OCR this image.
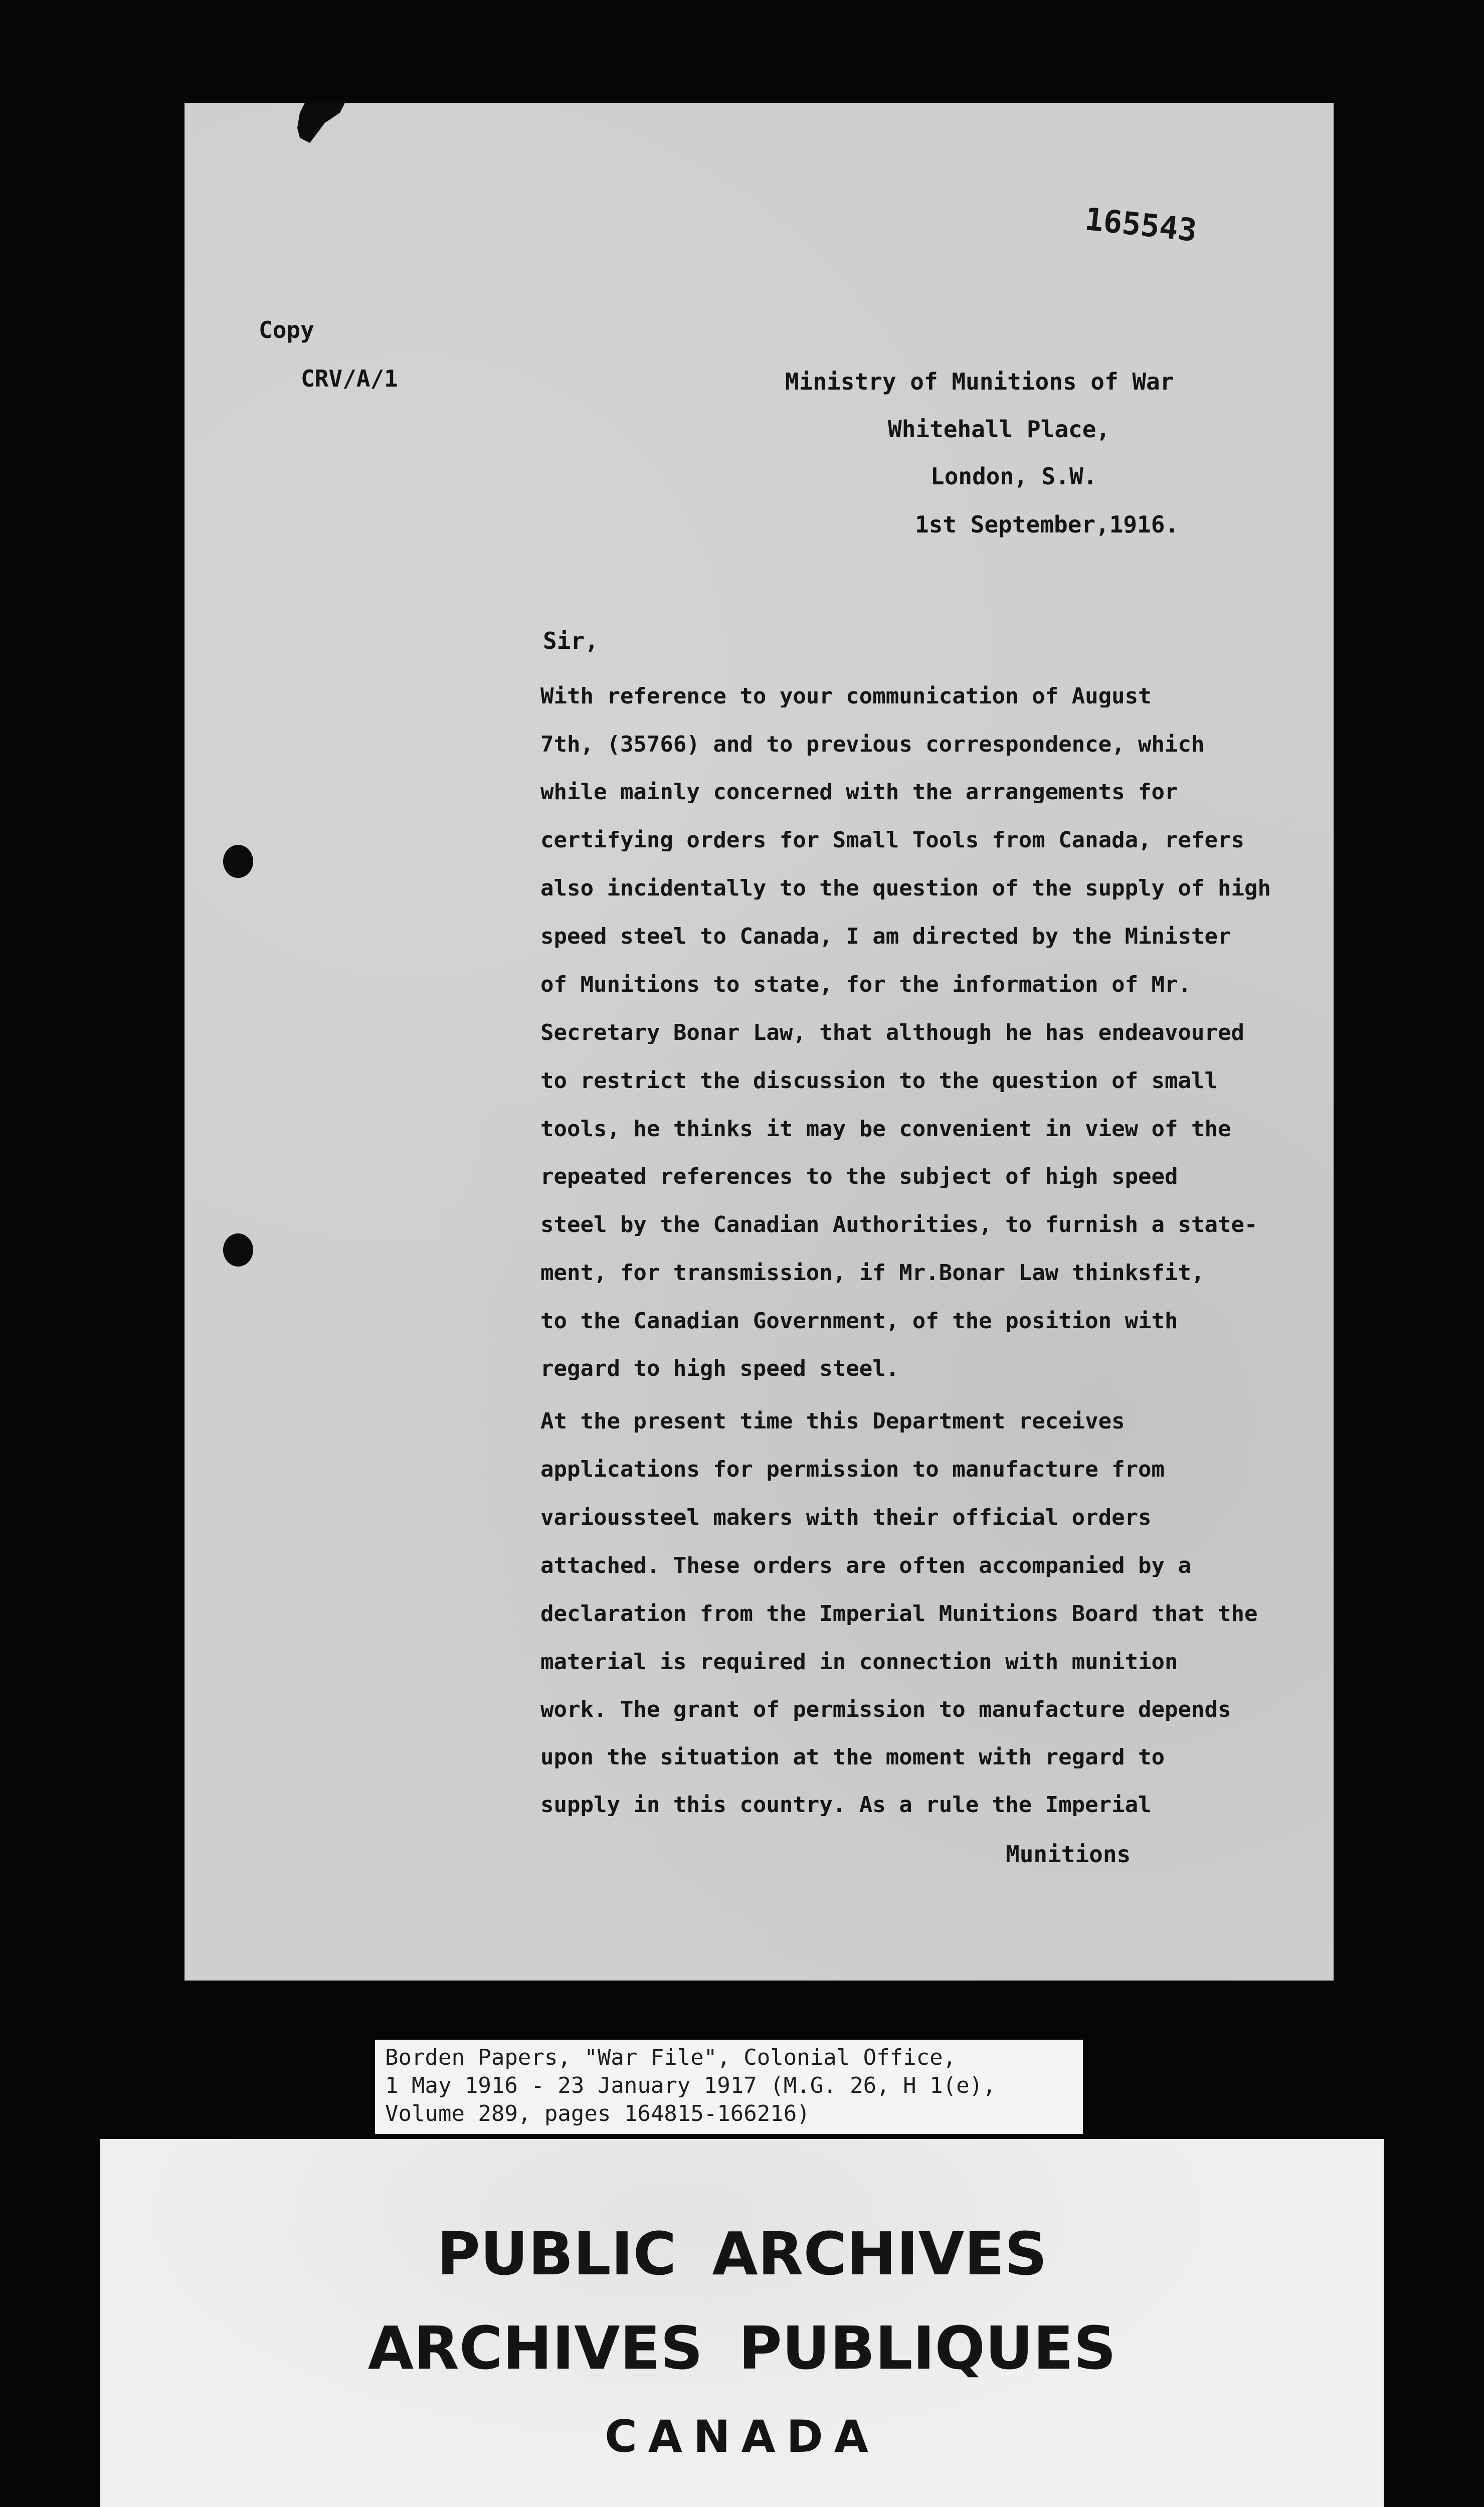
165543
Copy
CRV/A/1	Ministry of Munitions of War
Whitehall Place,
London, S.W.
1st September,1916.
Sir,
With reference to your communication of August
7th, (35766) and to previous correspondence, which
while mainly concerned with the arrangements for
certifying orders for Small Tools from Canada, refers
also incidentally to the question of the supply of high
speed steel to Canada, I am directed by the Minister
of Munitions to state, for the information of Mr.
Secretary Bonar Law, that although he has endeavoured
to restrict the discussion to the question of small
tools, he thinks it may be convenient in view of the
repeated references to the subject of high speed
steel by the Canadian Authorities, to furnish a state-
ment, for transmission, if Mr.Bonar Law thinksfit,
to the Canadian Government, of the position with
regard to high speed steel.
At the present time this Department receives
applications for permission to manufacture from
varioussteel makers with their official orders
attached. These orders are often accompanied by a
declaration from the Imperial Munitions Board that the
material is required in connection with munition
work. The grant of permission to manufacture depends
upon the situation at the moment with regard to
supply in this country. As a rule the Imperial
Munitions
Borden Papers, "War File", Colonial Office,
1 May 1916 - 23 January 1917 (M.G. 26, H 1(e),
Volume 289, pages 164815-166216)
PUBLIC ARCHIVES
ARCHIVES PUBLIQUES
CANADA
